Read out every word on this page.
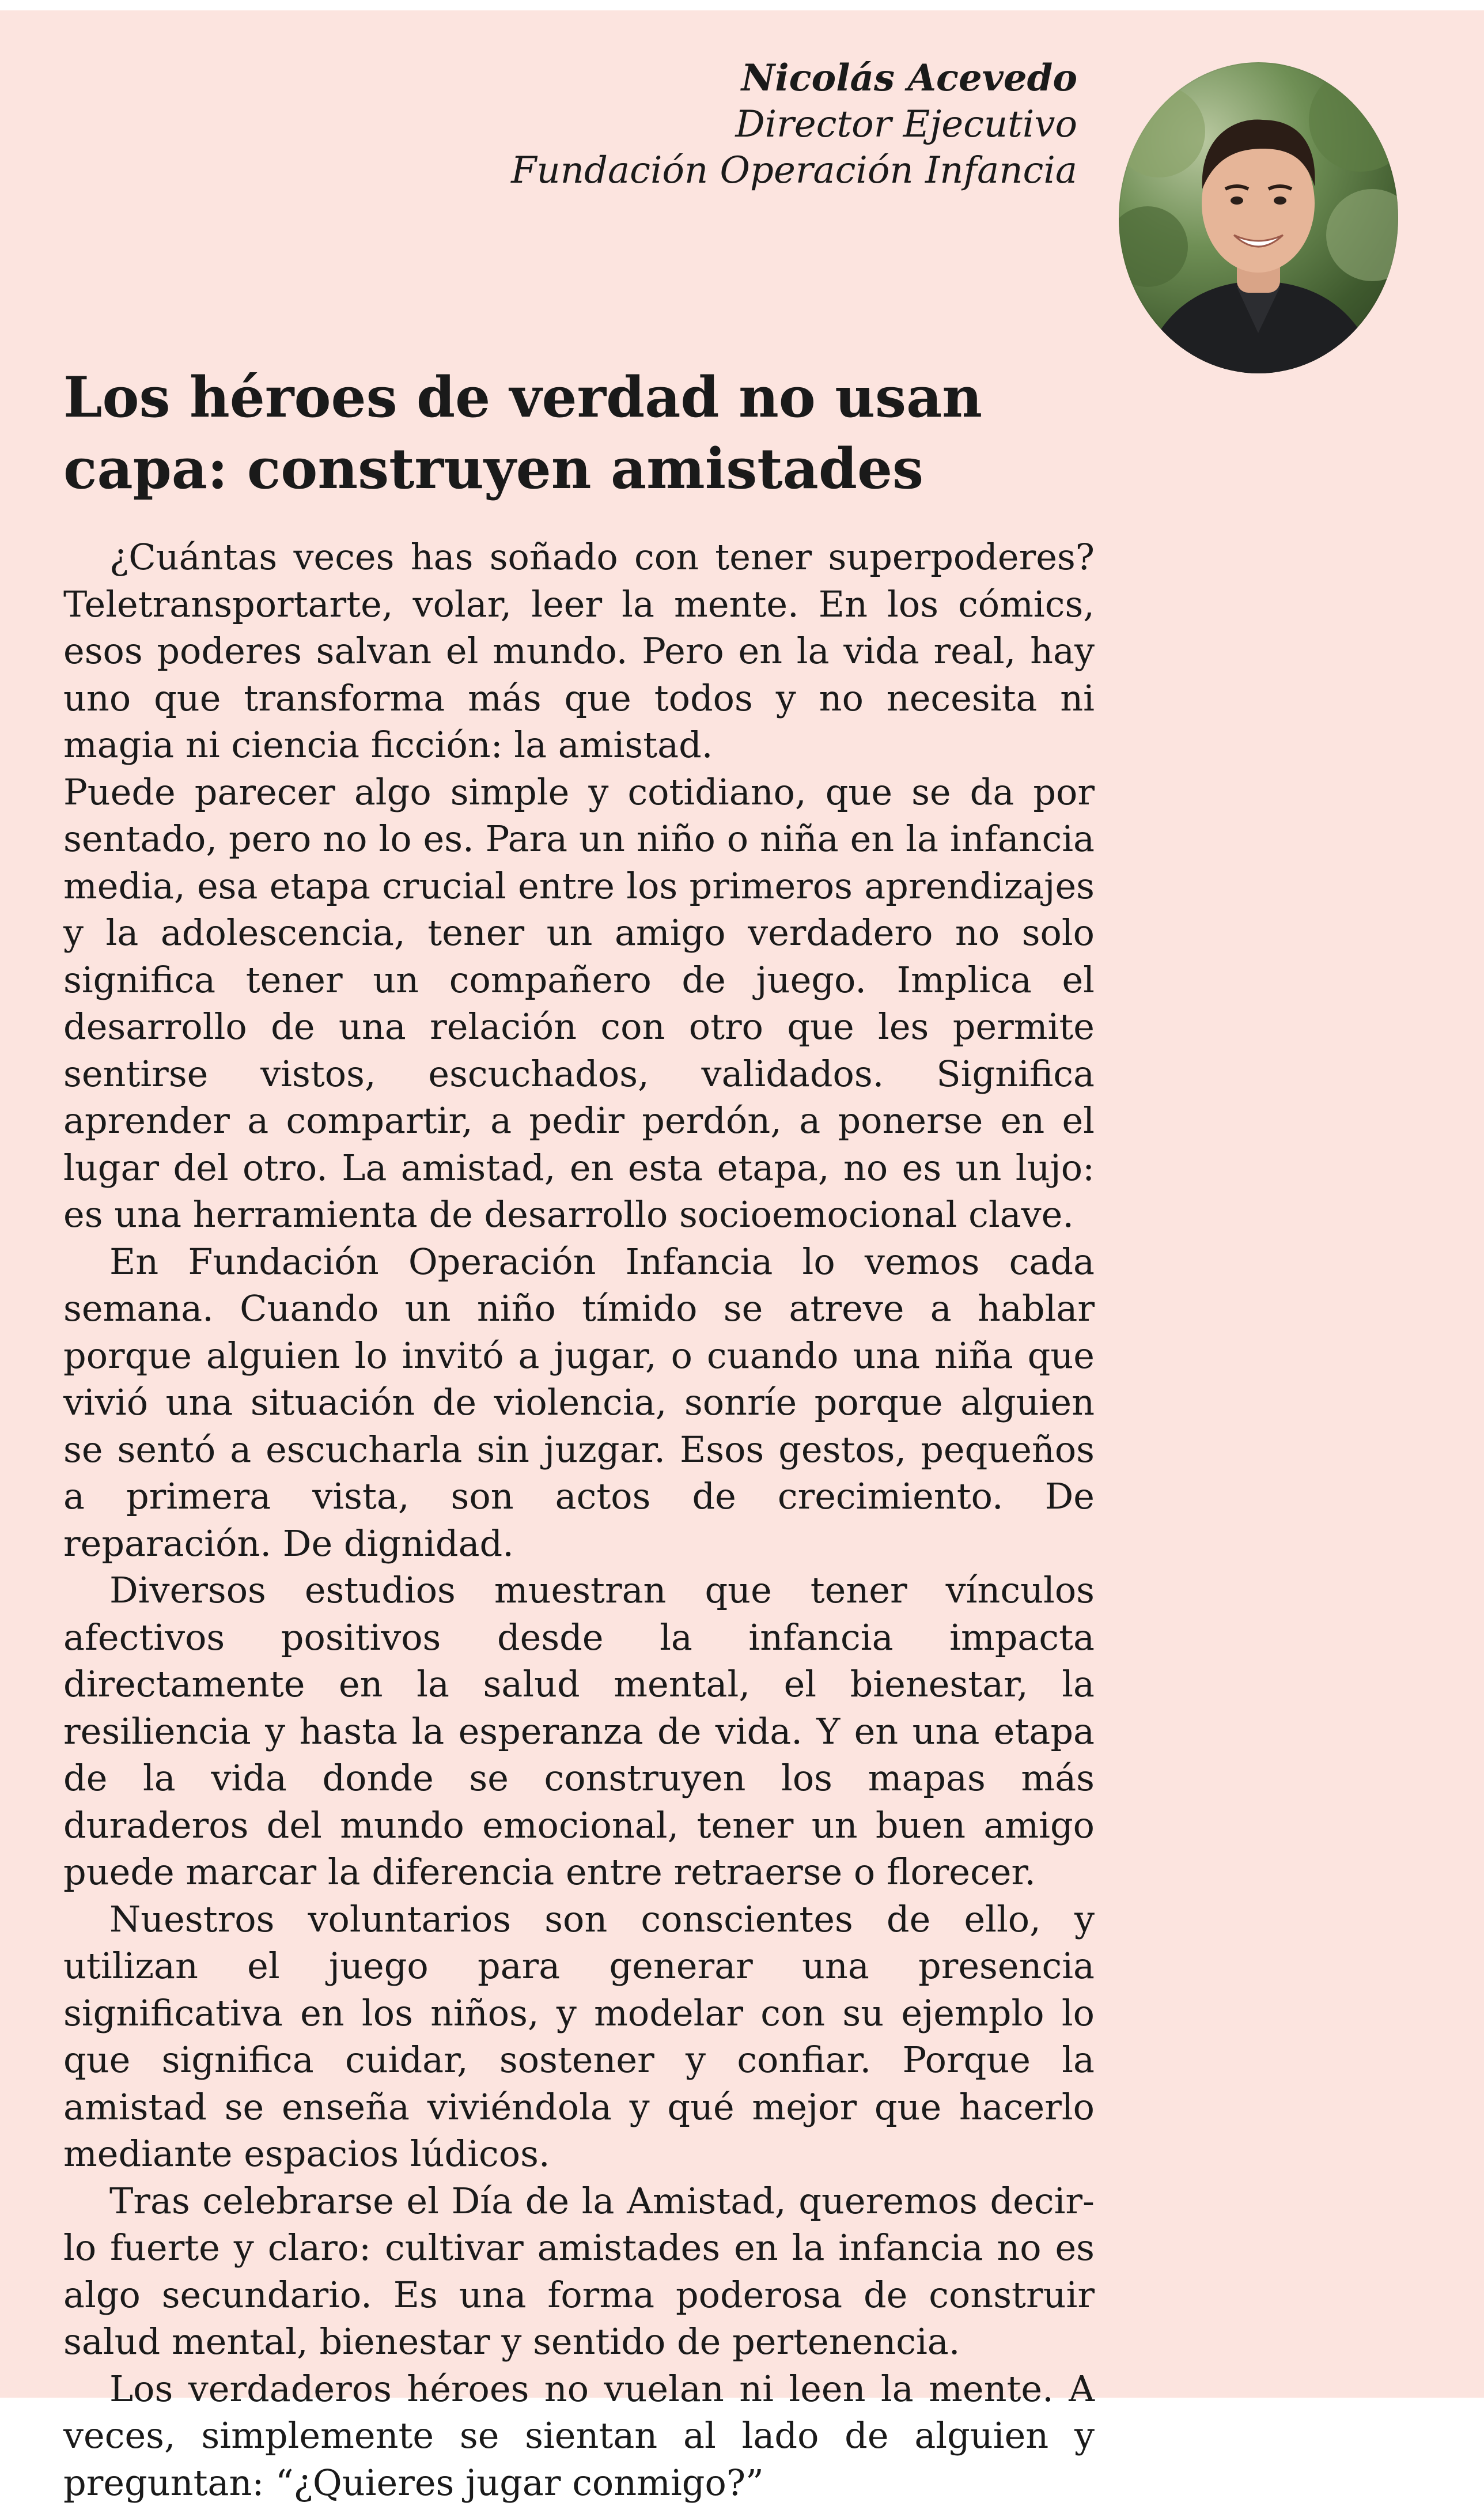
Nicolás Acevedo
Director Ejecutivo
Fundación Operación Infancia
Los héroes de verdad no usan capa: construyen amistades

¿Cuántas veces has soñado con tener superpoderes? Teletransportarte, volar, leer la mente. En los cómics, esos poderes salvan el mundo. Pero en la vida real, hay uno que transforma más que todos y no necesita ni magia ni ciencia ficción: la amistad.

Puede parecer algo simple y cotidiano, que se da por sentado, pero no lo es. Para un niño o niña en la infancia media, esa etapa crucial entre los primeros aprendizajes y la adolescencia, tener un amigo verdadero no solo significa tener un compañero de juego. Implica el desarrollo de una relación con otro que les permite sentirse vistos, escuchados, validados. Significa aprender a compartir, a pedir perdón, a ponerse en el lugar del otro. La amistad, en esta etapa, no es un lujo: es una herramienta de desarrollo socioemocional clave.

En Fundación Operación Infancia lo vemos cada semana. Cuando un niño tímido se atreve a hablar porque alguien lo invitó a jugar, o cuando una niña que vivió una situación de violencia, sonríe porque alguien se sentó a escucharla sin juzgar. Esos gestos, pequeños a primera vista, son actos de crecimiento. De reparación. De dignidad.

Diversos estudios muestran que tener vínculos afectivos positivos desde la infancia impacta directamente en la salud mental, el bienestar, la resiliencia y hasta la esperanza de vida. Y en una etapa de la vida donde se construyen los mapas más duraderos del mundo emocional, tener un buen amigo puede marcar la diferencia entre retraerse o florecer.

Nuestros voluntarios son conscientes de ello, y utilizan el juego para generar una presencia significativa en los niños, y modelar con su ejemplo lo que significa cuidar, sostener y confiar. Porque la amistad se enseña viviéndola y qué mejor que hacerlo mediante espacios lúdicos.

Tras celebrarse el Día de la Amistad, queremos decirlo fuerte y claro: cultivar amistades en la infancia no es algo secundario. Es una forma poderosa de construir salud mental, bienestar y sentido de pertenencia.

Los verdaderos héroes no vuelan ni leen la mente. A veces, simplemente se sientan al lado de alguien y preguntan: “¿Quieres jugar conmigo?”
